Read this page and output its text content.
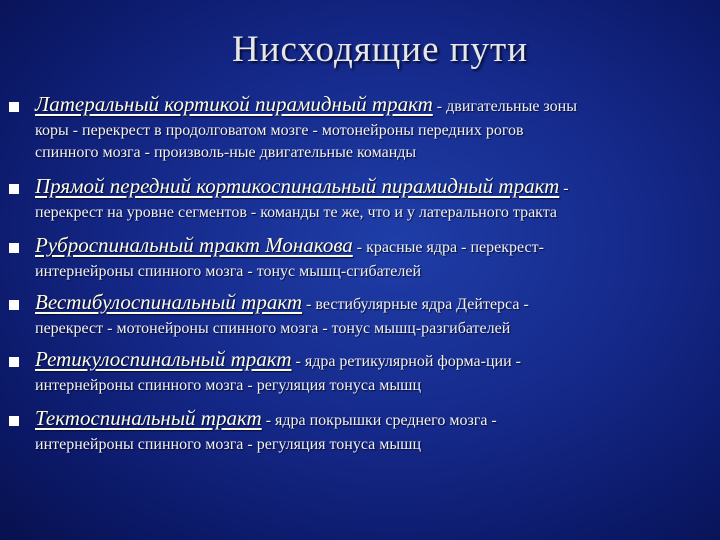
Нисходящие пути
Латеральный кортикой пирамидный тракт - двигательные зоны
коры - перекрест в продолговатом мозге - мотонейроны передних рогов
спинного мозга - произволь-ные двигательные команды
Прямой передний кортикоспинальный пирамидный тракт -
перекрест на уровне сегментов - команды те же, что и у латерального тракта
Руброспинальный тракт Монакова - красные ядра - перекрест-
интернейроны спинного мозга - тонус мышц-сгибателей
Вестибулоспинальный тракт - вестибулярные ядра Дейтерса -
перекрест - мотонейроны спинного мозга - тонус мышц-разгибателей
Ретикулоспинальный тракт - ядра ретикулярной форма-ции -
интернейроны спинного мозга - регуляция тонуса мышц
Тектоспинальный тракт - ядра покрышки среднего мозга -
интернейроны спинного мозга - регуляция тонуса мышц
